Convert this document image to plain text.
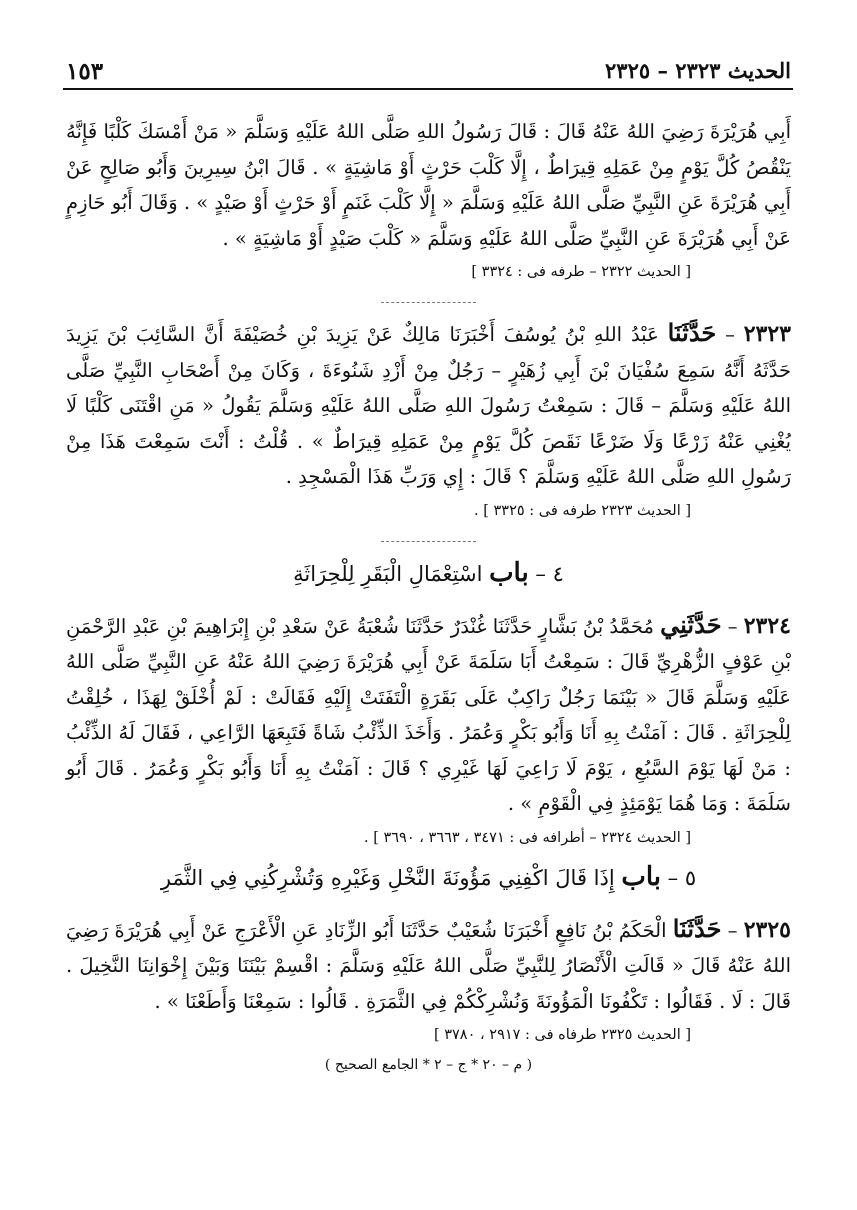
الحديث ٢٣٢٣ – ٢٣٢٥
١٥٣

أَبِي هُرَيْرَةَ رَضِيَ اللهُ عَنْهُ قَالَ : قَالَ رَسُولُ اللهِ صَلَّى اللهُ عَلَيْهِ وَسَلَّمَ « مَنْ أَمْسَكَ كَلْبًا فَإِنَّهُ يَنْقُصُ كُلَّ يَوْمٍ مِنْ عَمَلِهِ قِيرَاطٌ ، إِلَّا كَلْبَ حَرْثٍ أَوْ مَاشِيَةٍ » . قَالَ ابْنُ سِيرِينَ وَأَبُو صَالِحٍ عَنْ أَبِي هُرَيْرَةَ عَنِ النَّبِيِّ صَلَّى اللهُ عَلَيْهِ وَسَلَّمَ « إِلَّا كَلْبَ غَنَمٍ أَوْ حَرْثٍ أَوْ صَيْدٍ » . وَقَالَ أَبُو حَازِمٍ عَنْ أَبِي هُرَيْرَةَ عَنِ النَّبِيِّ صَلَّى اللهُ عَلَيْهِ وَسَلَّمَ « كَلْبَ صَيْدٍ أَوْ مَاشِيَةٍ » .

[ الحديث ٢٣٢٢ – طرفه فى : ٣٣٢٤ ]

٢٣٢٣ – حَدَّثَنَا عَبْدُ اللهِ بْنُ يُوسُفَ أَخْبَرَنَا مَالِكٌ عَنْ يَزِيدَ بْنِ خُصَيْفَةَ أَنَّ السَّائِبَ بْنَ يَزِيدَ حَدَّثَهُ أَنَّهُ سَمِعَ سُفْيَانَ بْنَ أَبِي زُهَيْرٍ – رَجُلٌ مِنْ أَزْدِ شَنُوءَةَ ، وَكَانَ مِنْ أَصْحَابِ النَّبِيِّ صَلَّى اللهُ عَلَيْهِ وَسَلَّمَ – قَالَ : سَمِعْتُ رَسُولَ اللهِ صَلَّى اللهُ عَلَيْهِ وَسَلَّمَ يَقُولُ « مَنِ اقْتَنَى كَلْبًا لَا يُغْنِي عَنْهُ زَرْعًا وَلَا ضَرْعًا نَقَصَ كُلَّ يَوْمٍ مِنْ عَمَلِهِ قِيرَاطٌ » . قُلْتُ : أَنْتَ سَمِعْتَ هَذَا مِنْ رَسُولِ اللهِ صَلَّى اللهُ عَلَيْهِ وَسَلَّمَ ؟ قَالَ : إِي وَرَبِّ هَذَا الْمَسْجِدِ .

[ الحديث ٢٣٢٣ طرفه فى : ٣٣٢٥ ] .
٤ – باب اسْتِعْمَالِ الْبَقَرِ لِلْحِرَاثَةِ

٢٣٢٤ – حَدَّثَنِي مُحَمَّدُ بْنُ بَشَّارٍ حَدَّثَنَا غُنْدَرٌ حَدَّثَنَا شُعْبَةُ عَنْ سَعْدِ بْنِ إِبْرَاهِيمَ بْنِ عَبْدِ الرَّحْمَنِ بْنِ عَوْفٍ الزُّهْرِيِّ قَالَ : سَمِعْتُ أَبَا سَلَمَةَ عَنْ أَبِي هُرَيْرَةَ رَضِيَ اللهُ عَنْهُ عَنِ النَّبِيِّ صَلَّى اللهُ عَلَيْهِ وَسَلَّمَ قَالَ « بَيْنَمَا رَجُلٌ رَاكِبٌ عَلَى بَقَرَةٍ الْتَفَتَتْ إِلَيْهِ فَقَالَتْ : لَمْ أُخْلَقْ لِهَذَا ، خُلِقْتُ لِلْحِرَاثَةِ . قَالَ : آمَنْتُ بِهِ أَنَا وَأَبُو بَكْرٍ وَعُمَرُ . وَأَخَذَ الذِّئْبُ شَاةً فَتَبِعَهَا الرَّاعِي ، فَقَالَ لَهُ الذِّئْبُ : مَنْ لَهَا يَوْمَ السَّبُعِ ، يَوْمَ لَا رَاعِيَ لَهَا غَيْرِي ؟ قَالَ : آمَنْتُ بِهِ أَنَا وَأَبُو بَكْرٍ وَعُمَرُ . قَالَ أَبُو سَلَمَةَ : وَمَا هُمَا يَوْمَئِذٍ فِي الْقَوْمِ » .

[ الحديث ٢٣٢٤ – أطرافه فى : ٣٤٧١ ، ٣٦٦٣ ، ٣٦٩٠ ] .
٥ – باب إِذَا قَالَ اكْفِنِي مَؤُونَةَ النَّخْلِ وَغَيْرِهِ وَتُشْرِكُنِي فِي الثَّمَرِ

٢٣٢٥ – حَدَّثَنَا الْحَكَمُ بْنُ نَافِعٍ أَخْبَرَنَا شُعَيْبٌ حَدَّثَنَا أَبُو الزِّنَادِ عَنِ الْأَعْرَجِ عَنْ أَبِي هُرَيْرَةَ رَضِيَ اللهُ عَنْهُ قَالَ « قَالَتِ الْأَنْصَارُ لِلنَّبِيِّ صَلَّى اللهُ عَلَيْهِ وَسَلَّمَ : اقْسِمْ بَيْنَنَا وَبَيْنَ إِخْوَانِنَا النَّخِيلَ . قَالَ : لَا . فَقَالُوا : تَكْفُونَا الْمَؤُونَةَ وَنُشْرِكْكُمْ فِي الثَّمَرَةِ . قَالُوا : سَمِعْنَا وَأَطَعْنَا » .

[ الحديث ٢٣٢٥ طرفاه فى : ٢٩١٧ ، ٣٧٨٠ ]
( م – ٢٠ * ج – ٢ * الجامع الصحيح )
